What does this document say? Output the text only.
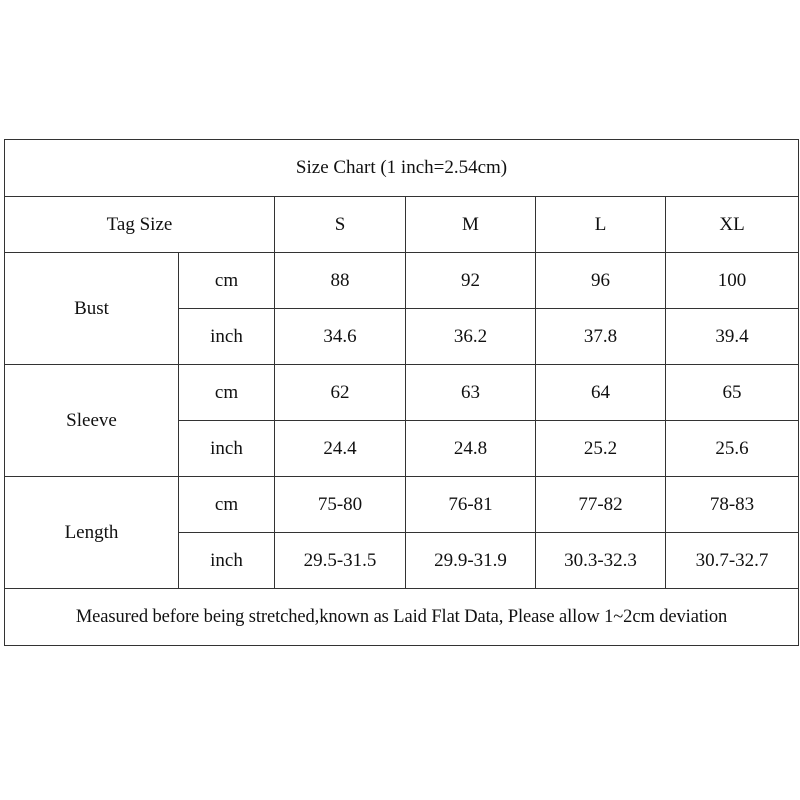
Size Chart (1 inch=2.54cm)					
Tag Size		S	M	L	XL
Bust	cm	88	92	96	100
	inch	34.6	36.2	37.8	39.4
Sleeve	cm	62	63	64	65
	inch	24.4	24.8	25.2	25.6
Length	cm	75-80	76-81	77-82	78-83
	inch	29.5-31.5	29.9-31.9	30.3-32.3	30.7-32.7
Measured before being stretched,known as Laid Flat Data, Please allow 1~2cm deviation					
